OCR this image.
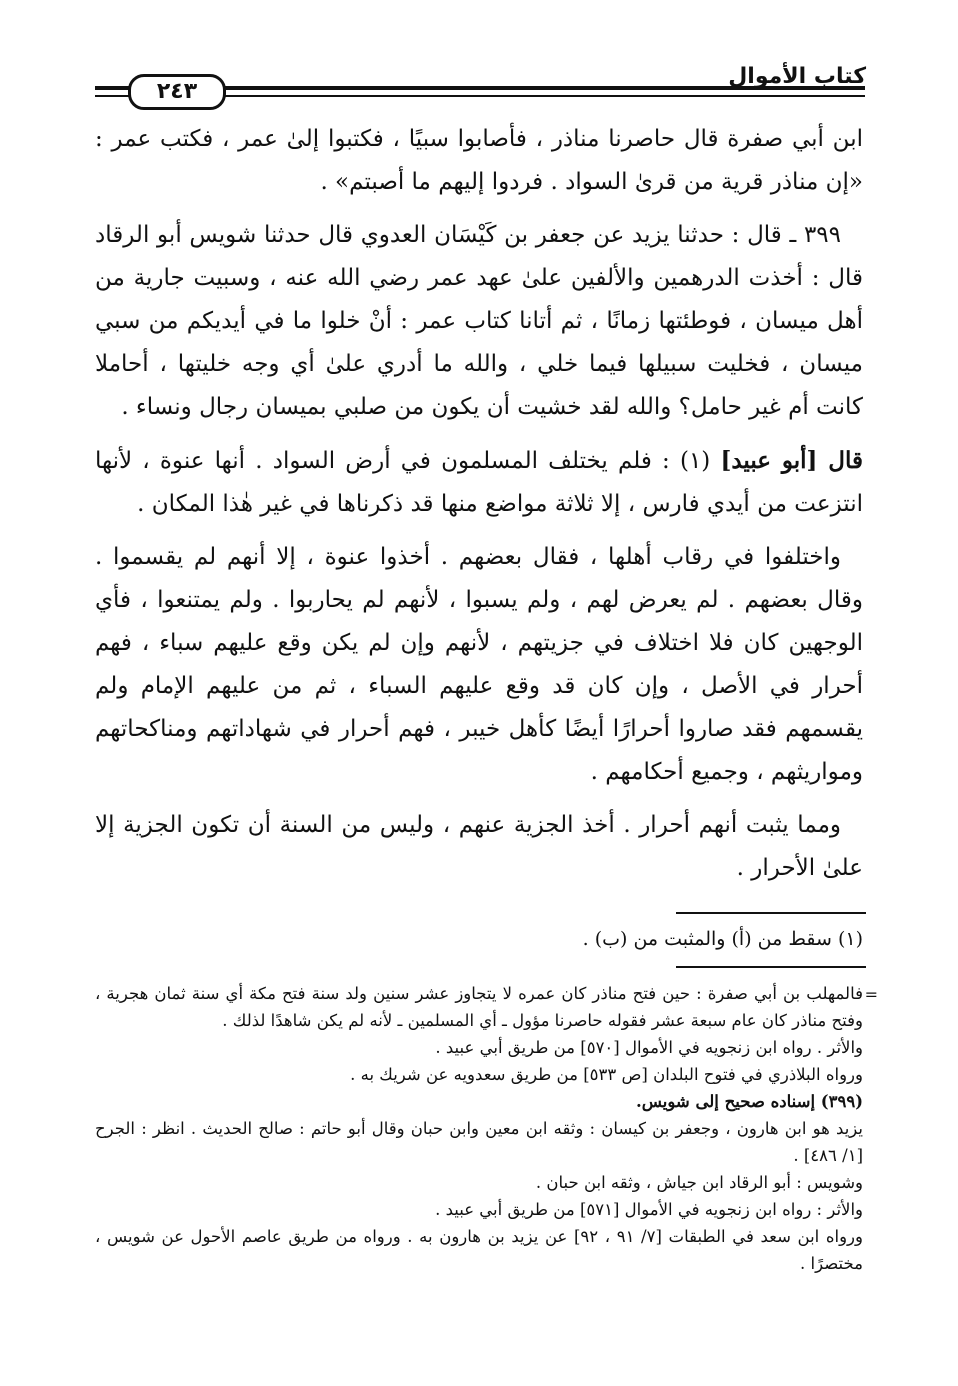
كتاب الأموال
٢٤٣

ابن أبي صفرة قال حاصرنا مناذر ، فأصابوا سبيًا ، فكتبوا إلىٰ عمر ، فكتب عمر : «إن مناذر قرية من قرىٰ السواد . فردوا إليهم ما أصبتم» .

٣٩٩ ـ قال : حدثنا يزيد عن جعفر بن كَيْسَان العدوي قال حدثنا شويس أبو الرقاد قال : أخذت الدرهمين والألفين علىٰ عهد عمر رضي الله عنه ، وسبيت جارية من أهل ميسان ، فوطئتها زمانًا ، ثم أتانا كتاب عمر : أنْ خلوا ما في أيديكم من سبي ميسان ، فخليت سبيلها فيما خلي ، والله ما أدري علىٰ أي وجه خليتها ، أحاملا كانت أم غير حامل؟ والله لقد خشيت أن يكون من صلبي بميسان رجال ونساء .

قال [أبو عبيد] (١) : فلم يختلف المسلمون في أرض السواد . أنها عنوة ، لأنها انتزعت من أيدي فارس ، إلا ثلاثة مواضع منها قد ذكرناها في غير هٰذا المكان .

واختلفوا في رقاب أهلها ، فقال بعضهم . أخذوا عنوة ، إلا أنهم لم يقسموا . وقال بعضهم . لم يعرض لهم ، ولم يسبوا ، لأنهم لم يحاربوا . ولم يمتنعوا ، فأي الوجهين كان فلا اختلاف في جزيتهم ، لأنهم وإن لم يكن وقع عليهم سباء ، فهم أحرار في الأصل ، وإن كان قد وقع عليهم السباء ، ثم من عليهم الإمام ولم يقسمهم فقد صاروا أحرارًا أيضًا كأهل خيبر ، فهم أحرار في شهاداتهم ومناكحاتهم ومواريثهم ، وجميع أحكامهم .

ومما يثبت أنهم أحرار . أخذ الجزية عنهم ، وليس من السنة أن تكون الجزية إلا علىٰ الأحرار .

(١) سقط من (أ) والمثبت من (ب) .
=

فالمهلب بن أبي صفرة : حين فتح مناذر كان عمره لا يتجاوز عشر سنين ولد سنة فتح مكة أي سنة ثمان هجرية ، وفتح مناذر كان عام سبعة عشر فقوله حاصرنا مؤول ـ أي المسلمين ـ لأنه لم يكن شاهدًا لذلك .

والأثر . رواه ابن زنجويه في الأموال [٥٧٠] من طريق أبي عبيد .

ورواه البلاذري في فتوح البلدان [ص ٥٣٣] من طريق سعدويه عن شريك به .

(٣٩٩) إسناده صحيح إلى شويس.

يزيد هو ابن هارون ، وجعفر بن كيسان : وثقه ابن معين وابن حبان وقال أبو حاتم : صالح الحديث . انظر : الجرح [١/ ٤٨٦] .

وشويس : أبو الرقاد ابن جياش ، وثقه ابن حبان .

والأثر : رواه ابن زنجويه في الأموال [٥٧١] من طريق أبي عبيد .

ورواه ابن سعد في الطبقات [٧/ ٩١ ، ٩٢] عن يزيد بن هارون به . ورواه من طريق عاصم الأحول عن شويس ، مختصرًا .
